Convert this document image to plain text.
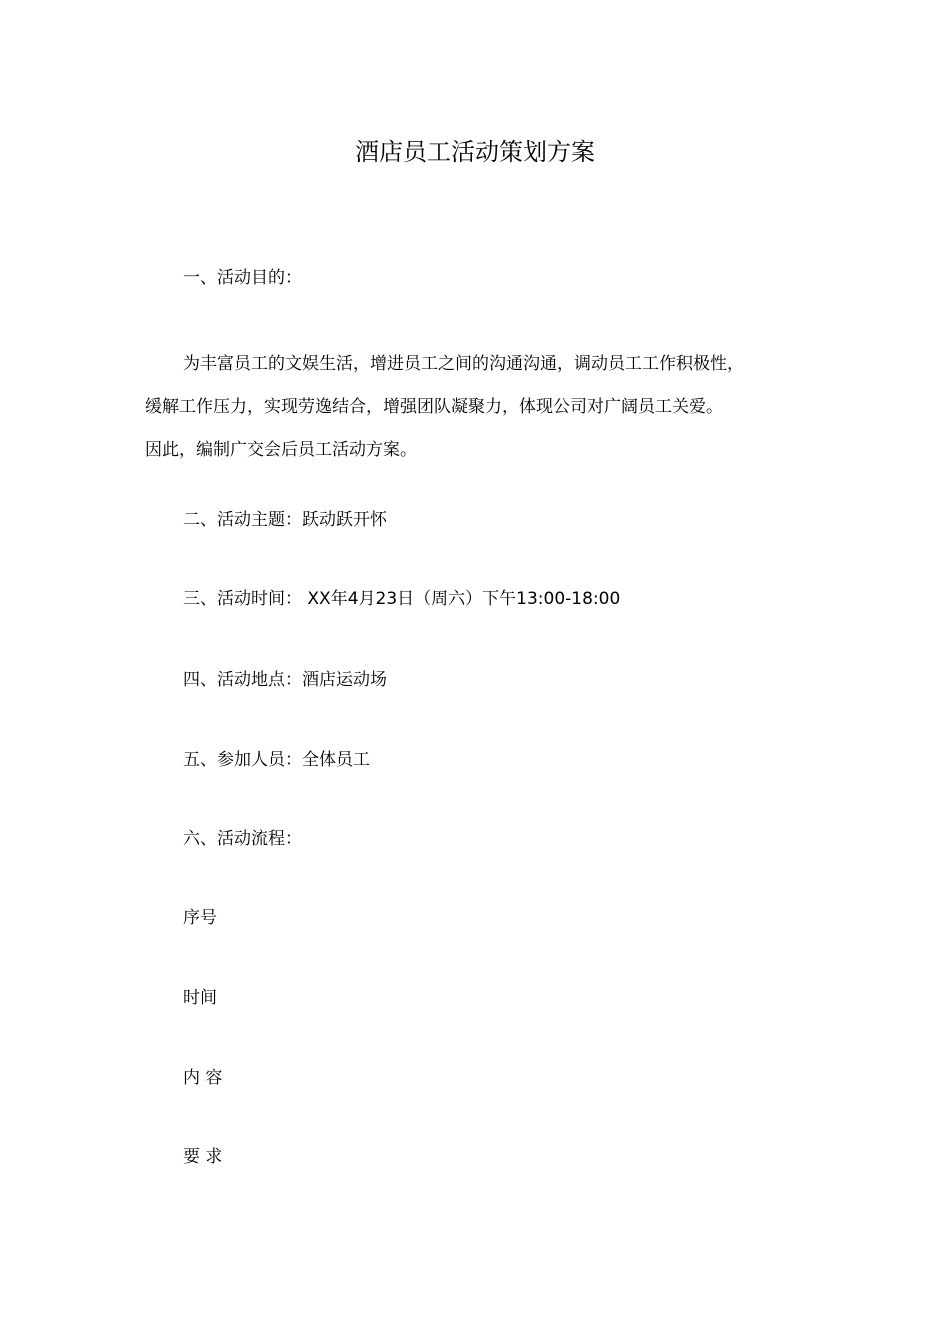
酒店员工活动策划方案
一、活动目的：
为丰富员工的文娱生活，增进员工之间的沟通沟通，调动员工工作积极性，
缓解工作压力，实现劳逸结合，增强团队凝聚力，体现公司对广阔员工关爱。
因此，编制广交会后员工活动方案。
二、活动主题：跃动跃开怀
三、活动时间： XX年4月23日（周六）下午13:00-18:00
四、活动地点：酒店运动场
五、参加人员：全体员工
六、活动流程：
序号
时间
内 容
要 求
